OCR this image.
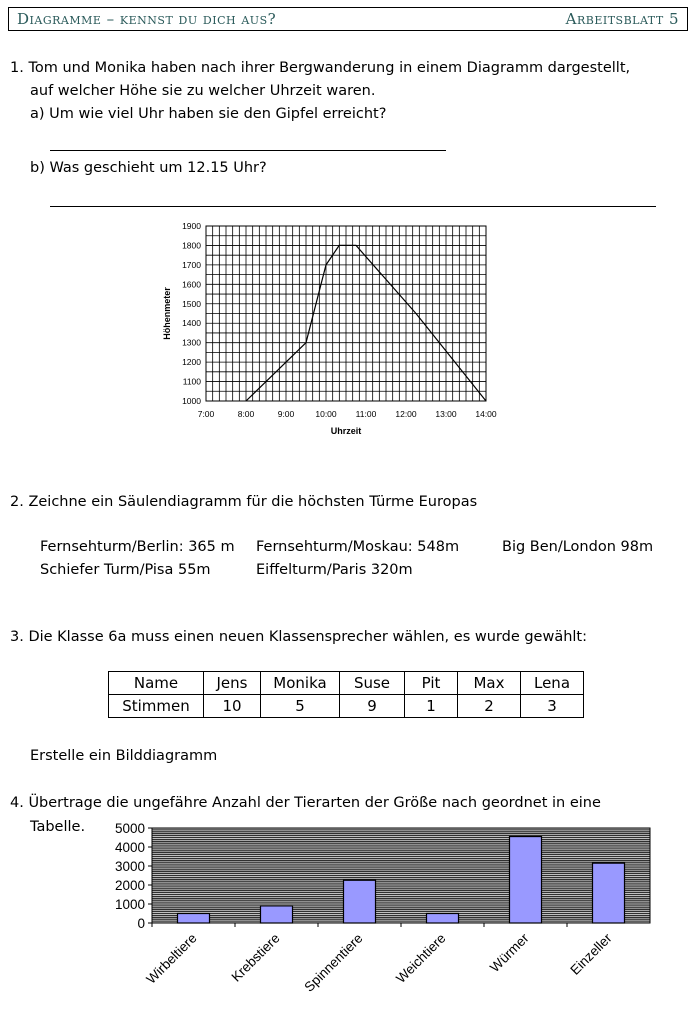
Diagramme – kennst du dich aus?	Arbeitsblatt 5
1. Tom und Monika haben nach ihrer Bergwanderung in einem Diagramm dargestellt,
auf welcher Höhe sie zu welcher Uhrzeit waren.
a) Um wie viel Uhr haben sie den Gipfel erreicht?
b) Was geschieht um 12.15 Uhr?
7:00	8:00	9:00 10:00 11:00 12:00 13:00 14:00
1000
1100
1200
1300
1400
1500
1600
1700
1800
1900
Uhrzeit
Höhenmeter
2. Zeichne ein Säulendiagramm für die höchsten Türme Europas
Fernsehturm/Berlin: 365 m Fernsehturm/Moskau: 548m	Big Ben/London 98m
Schiefer Turm/Pisa 55m	Eiffelturm/Paris 320m
3. Die Klasse 6a muss einen neuen Klassensprecher wählen, es wurde gewählt:
Name	Jens	Monika	Suse	Pit	Max	Lena
Stimmen	10	5	9	1	2	3
Erstelle ein Bilddiagramm
4. Übertrage die ungefähre Anzahl der Tierarten der Größe nach geordnet in eine
Tabelle.
0
1000
2000
3000
4000
5000
Wirbeltiere Krebstiere Spinnentiere Weichtiere	Würmer	Einzeller
